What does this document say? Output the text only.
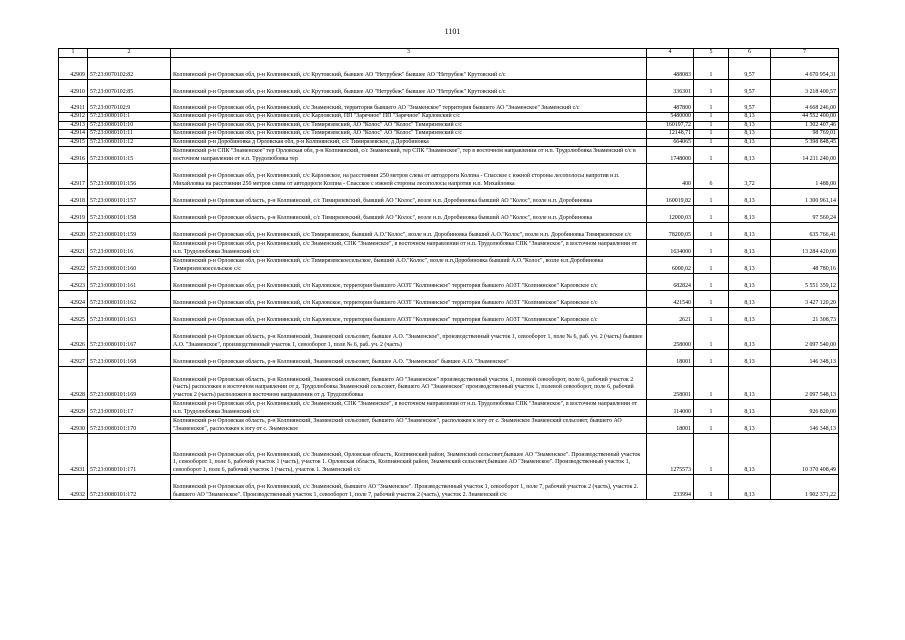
1101
1	2	3	4	5	6	7
42909	57:23:0070102:82	Колпнянский р-н Орловская обл, р-н Колпнянский, с/с Крутовский, бывшее АО "Нетрубеж" бывшее АО "Нетрубеж" Крутовский с/с	488083	1	9,57	4 670 954,31
42910	57:23:0070102:85	Колпнянский р-н Орловская обл, р-н Колпнянский, с/с Крутовский, бывшее АО "Нетрубеж" бывшее АО "Нетрубеж" Крутовский с/с	336301	1	9,57	3 218 400,57
42911	57:23:0070102:9	Колпнянский р-н Орловская обл, р-н Колпнянский, с/с Знаменский, территория бывшего АО "Знаменское" территория бывшего АО "Знаменское" Знаменский с/с	487800	1	9,57	4 668 246,00
42912	57:23:0080101:1	Колпнянский р-н Орловская обл, р-н Колпнянский, с/с Карловский, ПП "Заречное" ПП "Заречное" Карловский с/с	5480000	1	8,13	44 552 400,00
42913	57:23:0080101:10	Колпнянский р-н Орловская обл, р-н Колпнянский, с/с Тимирязевский, АО "Колос" АО "Колос" Тимирязевский с/с	160197,72	1	8,13	1 302 407,46
42914	57:23:0080101:11	Колпнянский р-н Орловская обл, р-н Колпнянский, с/с Тимирязевский, АО "Колос" АО "Колос" Тимирязевский с/с	12148,71	1	8,13	98 769,01
42915	57:23:0080101:12	Колпнянский р-н Доробиновка д Орловская обл, р-н Колпнянский, с/с Тимирязевское, д Доробиновка	664065	1	8,13	5 398 848,45
42916	57:23:0080101:15	Колпнянский р-н СПК "Знаменское" тер Орловская обл, р-н Колпнянский, с/с Знаменский, тер СПК "Знаменское", тер в восточном направлении от н.п. Трудолюбовка Знаменский с/с в восточном направлении от н.п. Трудолюбовка тер	1748000	1	8,13	14 211 240,00
42917	57:23:0080101:156	Колпнянский р-н Орловская обл, р-н Колпнянский, с/с Карловское, на расстоянии 250 метров слева от автодороги Колпна - Спасское с южной стороны лесополосы напротив н.п. Михайловка на расстоянии 250 метров слева от автодороги Колпна - Спасское с южной стороны лесополосы напротив н.п. Михайловка	400	6	3,72	1 488,00
42918	57:23:0080101:157	Колпнянский р-н Орловская область, р-н Колпнянский, с/с Тимирязевский, бывший АО "Колос", возле н.п. Доробиновка бывший АО "Колос", возле н.п. Доробиновка	160019,82	1	8,13	1 300 961,14
42919	57:23:0080101:158	Колпнянский р-н Орловская область, р-н Колпнянский, с/с Тимирязевский, бывший АО "Колос", возле н.п. Доробиновка бывший АО "Колос", возле н.п. Доробиновка	12000,03	1	8,13	97 560,24
42920	57:23:0080101:159	Колпнянский р-н Орловская обл, р-н Колпнянский, с/с Тимирязевское, бывший А.О."Колос", возле н.п. Доробиновка бывший А.О."Колос", возле н.п. Доробиновка Тимирязевское с/с	78200,05	1	8,13	635 766,41
42921	57:23:0080101:16	Колпнянский р-н Орловская обл, р-н Колпнянский, с/с Знаменский, СПК "Знаменское", в восточном направлении от н.п. Трудолюбовка СПК "Знаменское", в восточном направлении от н.п. Трудолюбовка Знаменский с/с	1634000	1	8,13	13 284 420,00
42922	57:23:0080101:160	Колпнянский р-н Орловская обл, р-н Колпнянский, с/с Тимирязевскоесельское, бывший А.О."Колос", возле н.п.Доробиновка бывший А.О."Колос", возле н.п.Доробиновка Тимирязевскоесельское с/с	6000,02	1	8,13	48 780,16
42923	57:23:0080101:161	Колпнянский р-н Орловская обл, р-н Колпнянский, с/п Карловское, территория бывшего АОЗТ "Колпнянское" территория бывшего АОЗТ "Колпнянское" Карловское с/с	682824	1	8,13	5 551 359,12
42924	57:23:0080101:162	Колпнянский р-н Орловская обл, р-н Колпнянский, с/п Карловское, территория бывшего АОЗТ "Колпнянское" территория бывшего АОЗТ "Колпнянское" Карловское с/с	421540	1	8,13	3 427 120,20
42925	57:23:0080101:163	Колпнянский р-н Орловская обл, р-н Колпнянский, с/п Карловское, территория бывшего АОЗТ "Колпнянское" территория бывшего АОЗТ "Колпнянское" Карловское с/с	2621	1	8,13	21 308,73
42926	57:23:0080101:167	Колпнянский р-н Орловская область, р-н Колпнянский, Знаменский сельсовет, бывшее А.О. "Знаменское", производственный участок 1, севооборот 1, поле № 6, раб. уч. 2 (часть) бывшее А.О. "Знаменское", производственный участок 1, севооборот 1, поле № 6, раб. уч. 2 (часть)	258000	1	8,13	2 097 540,00
42927	57:23:0080101:168	Колпнянский р-н Орловская область, р-н Колпнянский, Знаменский сельсовет, бывшее А.О. "Знаменское" бывшее А.О. "Знаменское"	18001	1	8,13	146 348,13
42928	57:23:0080101:169	Колпнянский р-н Орловская область, р-н Колпнянский, Знаменский сельсовет, бывшего АО "Знаменское" производственный участок 1, полевой севооборот, поле 6, рабочий участок 2 (часть) расположен в восточном направлении от д. Трудолюбовка Знаменский сельсовет, бывшего АО "Знаменское" производственный участок 1, полевой севооборот, поле 6, рабочий участок 2 (часть) расположен в восточном направлении от д. Трудолюбовка	258001	1	8,13	2 097 548,13
42929	57:23:0080101:17	Колпнянский р-н Орловская обл, р-н Колпнянский, с/с Знаменский, СПК "Знаменское", в восточном направлении от н.п. Трудолюбовка СПК "Знаменское", в восточном направлении от н.п. Трудолюбовка Знаменский с/с	114000	1	8,13	926 820,00
42930	57:23:0080101:170	Колпнянский р-н Орловская область, р-н Колпнянский, Знаменский сельсовет, бывшего АО "Знаменское", расположен к югу от с. Знаменское Знаменский сельсовет, бывшего АО "Знаменское", расположен к югу от с. Знаменское	18001	1	8,13	146 348,13
42931	57:23:0080101:171	Колпнянский р-н Орловская обл, р-н Колпнянский, с/с Знаменский, Орловская область, Колпнянский район, Знаменский сельсовет,бывшее АО "Знаменское". Производственный участок 1, севооборот 1, поле 6, рабочий участок 1 (часть), участок 1. Орловская область, Колпнянский район, Знаменский сельсовет,бывшее АО "Знаменское". Производственный участок 1, севооборот 1, поле 6, рабочий участок 1 (часть), участок 1. Знаменский с/с	1275573	1	8,13	10 370 408,49
42932	57:23:0080101:172	Колпнянский р-н Орловская обл, р-н Колпнянский, с/с Знаменский, бывшего АО "Знаменское". Производственный участок 1, севооборот 1, поле 7, рабочий участок 2 (часть), участок 2. бывшего АО "Знаменское". Производственный участок 1, севооборот 1, поле 7, рабочий участок 2 (часть), участок 2. Знаменский с/с	233994	1	8,13	1 902 371,22
